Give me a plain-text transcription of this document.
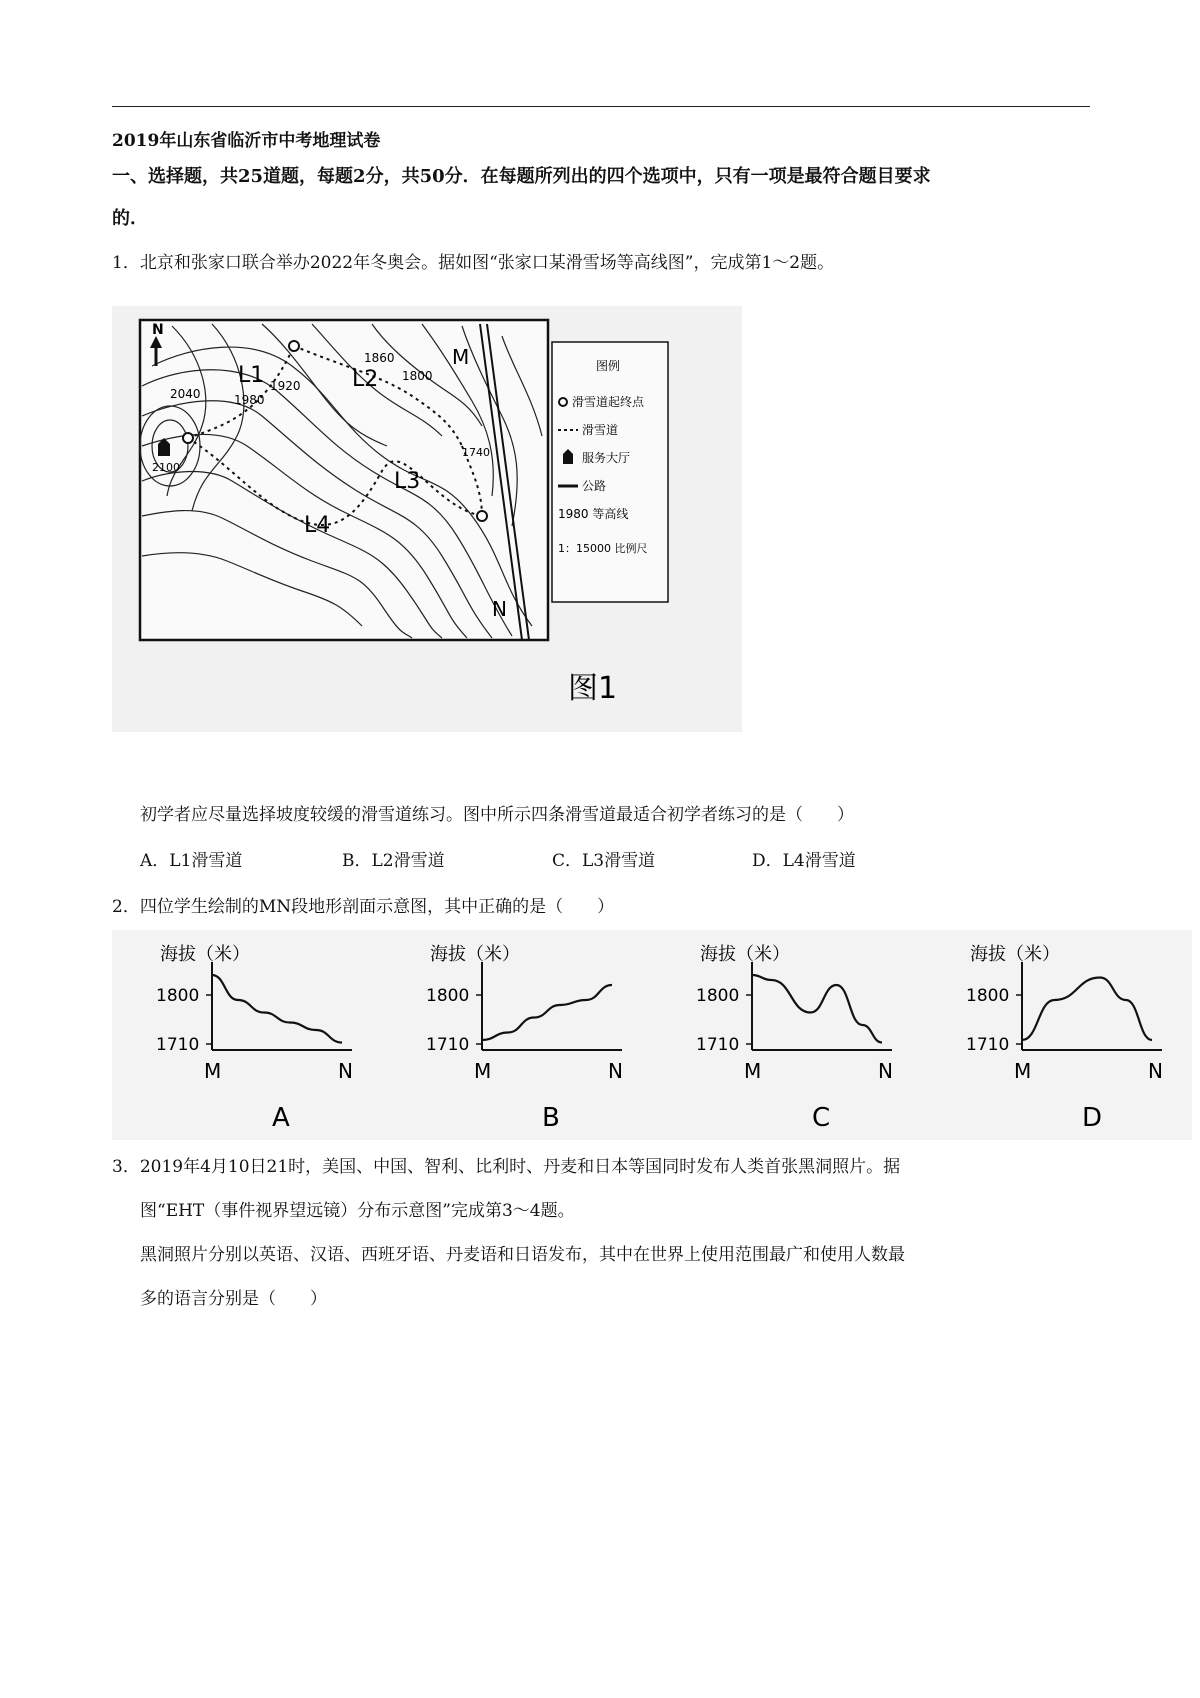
2019年山东省临沂市中考地理试卷
一、选择题，共25道题，每题2分，共50分．在每题所列出的四个选项中，只有一项是最符合题目要求
的．
1．北京和张家口联合举办2022年冬奥会。据如图“张家口某滑雪场等高线图”，完成第1～2题。
N
L1	L2
L3
L4
2040	1980
1920
1860
1800
1740
2100
M
N
图例
滑雪道起终点
滑雪道
服务大厅
公路
1980 等高线
1：15000 比例尺
图1
初学者应尽量选择坡度较缓的滑雪道练习。图中所示四条滑雪道最适合初学者练习的是（　　）
A．L1滑雪道	B．L2滑雪道	C．L3滑雪道	D．L4滑雪道
2．四位学生绘制的MN段地形剖面示意图，其中正确的是（　　）
海拔（米）
1800
1710
M	N
A
海拔（米）
1800
1710
M	N
B
海拔（米）
1800
1710
M	N
C
海拔（米）
1800
1710
M	N
D
3．2019年4月10日21时，美国、中国、智利、比利时、丹麦和日本等国同时发布人类首张黑洞照片。据
图“EHT（事件视界望远镜）分布示意图”完成第3～4题。
黑洞照片分别以英语、汉语、西班牙语、丹麦语和日语发布，其中在世界上使用范围最广和使用人数最
多的语言分别是（　　）
